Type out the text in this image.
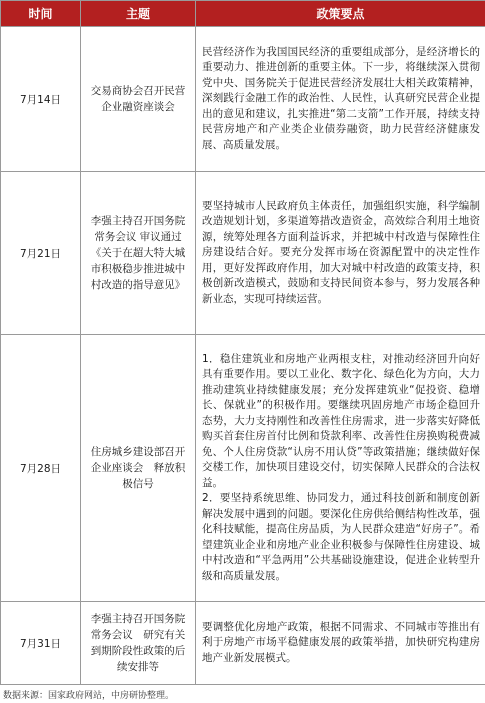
时间	主题	政策要点
7月14日	交易商协会召开民营企业融资座谈会	民营经济作为我国国民经济的重要组成部分，是经济增长的重要动力、推进创新的重要主体。下一步，将继续深入贯彻党中央、国务院关于促进民营经济发展壮大相关政策精神，深刻践行金融工作的政治性、人民性，认真研究民营企业提出的意见和建议，扎实推进“第二支箭”工作开展，持续支持民营房地产和产业类企业债券融资，助力民营经济健康发展、高质量发展。

7月21日	李强主持召开国务院常务会议 审议通过《关于在超大特大城市积极稳步推进城中村改造的指导意见》	要坚持城市人民政府负主体责任，加强组织实施，科学编制改造规划计划，多渠道筹措改造资金，高效综合利用土地资源，统筹处理各方面利益诉求，并把城中村改造与保障性住房建设结合好。要充分发挥市场在资源配置中的决定性作用，更好发挥政府作用，加大对城中村改造的政策支持，积极创新改造模式，鼓励和支持民间资本参与，努力发展各种新业态，实现可持续运营。

7月28日	住房城乡建设部召开企业座谈会　释放积极信号	1．稳住建筑业和房地产业两根支柱，对推动经济回升向好具有重要作用。要以工业化、数字化、绿色化为方向，大力推动建筑业持续健康发展；充分发挥建筑业“促投资、稳增长、保就业”的积极作用。要继续巩固房地产市场企稳回升态势，大力支持刚性和改善性住房需求，进一步落实好降低购买首套住房首付比例和贷款利率、改善性住房换购税费减免、个人住房贷款“认房不用认贷”等政策措施；继续做好保交楼工作，加快项目建设交付，切实保障人民群众的合法权益。
2．要坚持系统思维、协同发力，通过科技创新和制度创新解决发展中遇到的问题。要深化住房供给侧结构性改革，强化科技赋能，提高住房品质，为人民群众建造“好房子”。希望建筑业企业和房地产业企业积极参与保障性住房建设、城中村改造和“平急两用”公共基础设施建设，促进企业转型升级和高质量发展。

7月31日	李强主持召开国务院常务会议　研究有关到期阶段性政策的后续安排等	要调整优化房地产政策，根据不同需求、不同城市等推出有利于房地产市场平稳健康发展的政策举措，加快研究构建房地产业新发展模式。
数据来源：国家政府网站，中房研协整理。
